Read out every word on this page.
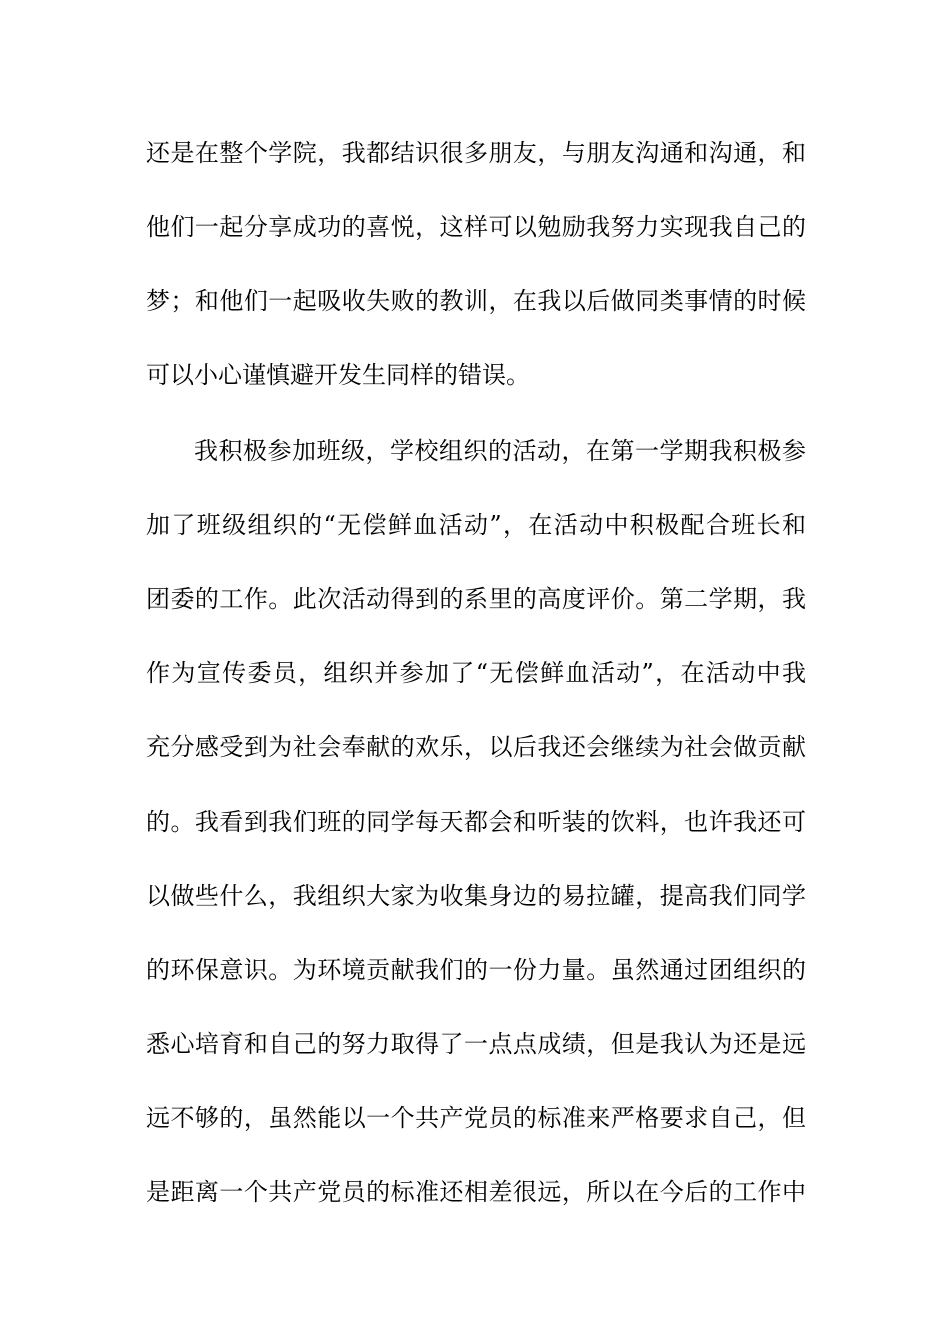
还是在整个学院，我都结识很多朋友，与朋友沟通和沟通，和
他们一起分享成功的喜悦，这样可以勉励我努力实现我自己的
梦；和他们一起吸收失败的教训，在我以后做同类事情的时候
可以小心谨慎避开发生同样的错误。
我积极参加班级，学校组织的活动，在第一学期我积极参
加了班级组织的“无偿鲜血活动”，在活动中积极配合班长和
团委的工作。此次活动得到的系里的高度评价。第二学期，我
作为宣传委员，组织并参加了“无偿鲜血活动”，在活动中我
充分感受到为社会奉献的欢乐，以后我还会继续为社会做贡献
的。我看到我们班的同学每天都会和听装的饮料，也许我还可
以做些什么，我组织大家为收集身边的易拉罐，提高我们同学
的环保意识。为环境贡献我们的一份力量。虽然通过团组织的
悉心培育和自己的努力取得了一点点成绩，但是我认为还是远
远不够的，虽然能以一个共产党员的标准来严格要求自己，但
是距离一个共产党员的标准还相差很远，所以在今后的工作中
